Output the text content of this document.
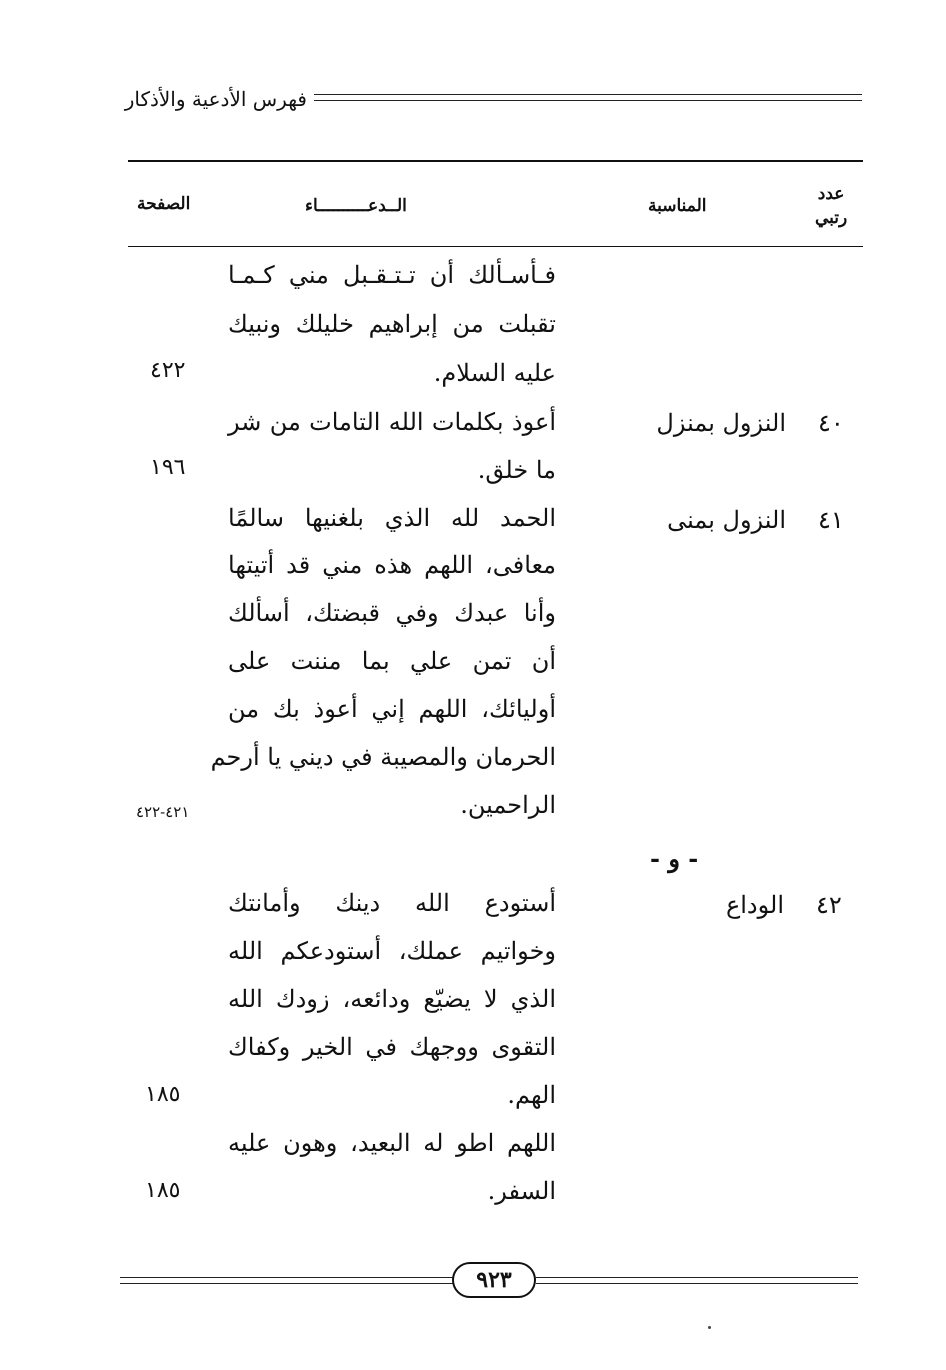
فهرس الأدعية والأذكار
عدد
رتبي
المناسبة
الــدعــــــــــاء
الصفحة
فـأسـألك أن تـتـقـبل مني كـمـا
تقبلت من إبراهيم خليلك ونبيك
عليه السلام.
٤٢٢
٤٠
النزول بمنزل
أعوذ بكلمات الله التامات من شر
ما خلق.
١٩٦
٤١
النزول بمنى
الحمد لله الذي بلغنيها سالمًا
معافى، اللهم هذه مني قد أتيتها
وأنا عبدك وفي قبضتك، أسألك
أن تمن علي بما مننت على
أوليائك، اللهم إني أعوذ بك من
الحرمان والمصيبة في ديني يا أرحم
الراحمين.
٤٢١-٤٢٢
- و -
٤٢
الوداع
أستودع الله دينك وأمانتك
وخواتيم عملك، أستودعكم الله
الذي لا يضيّع ودائعه، زودك الله
التقوى ووجهك في الخير وكفاك
الهم.
١٨٥
اللهم اطو له البعيد، وهون عليه
السفر.
١٨٥
٩٢٣
